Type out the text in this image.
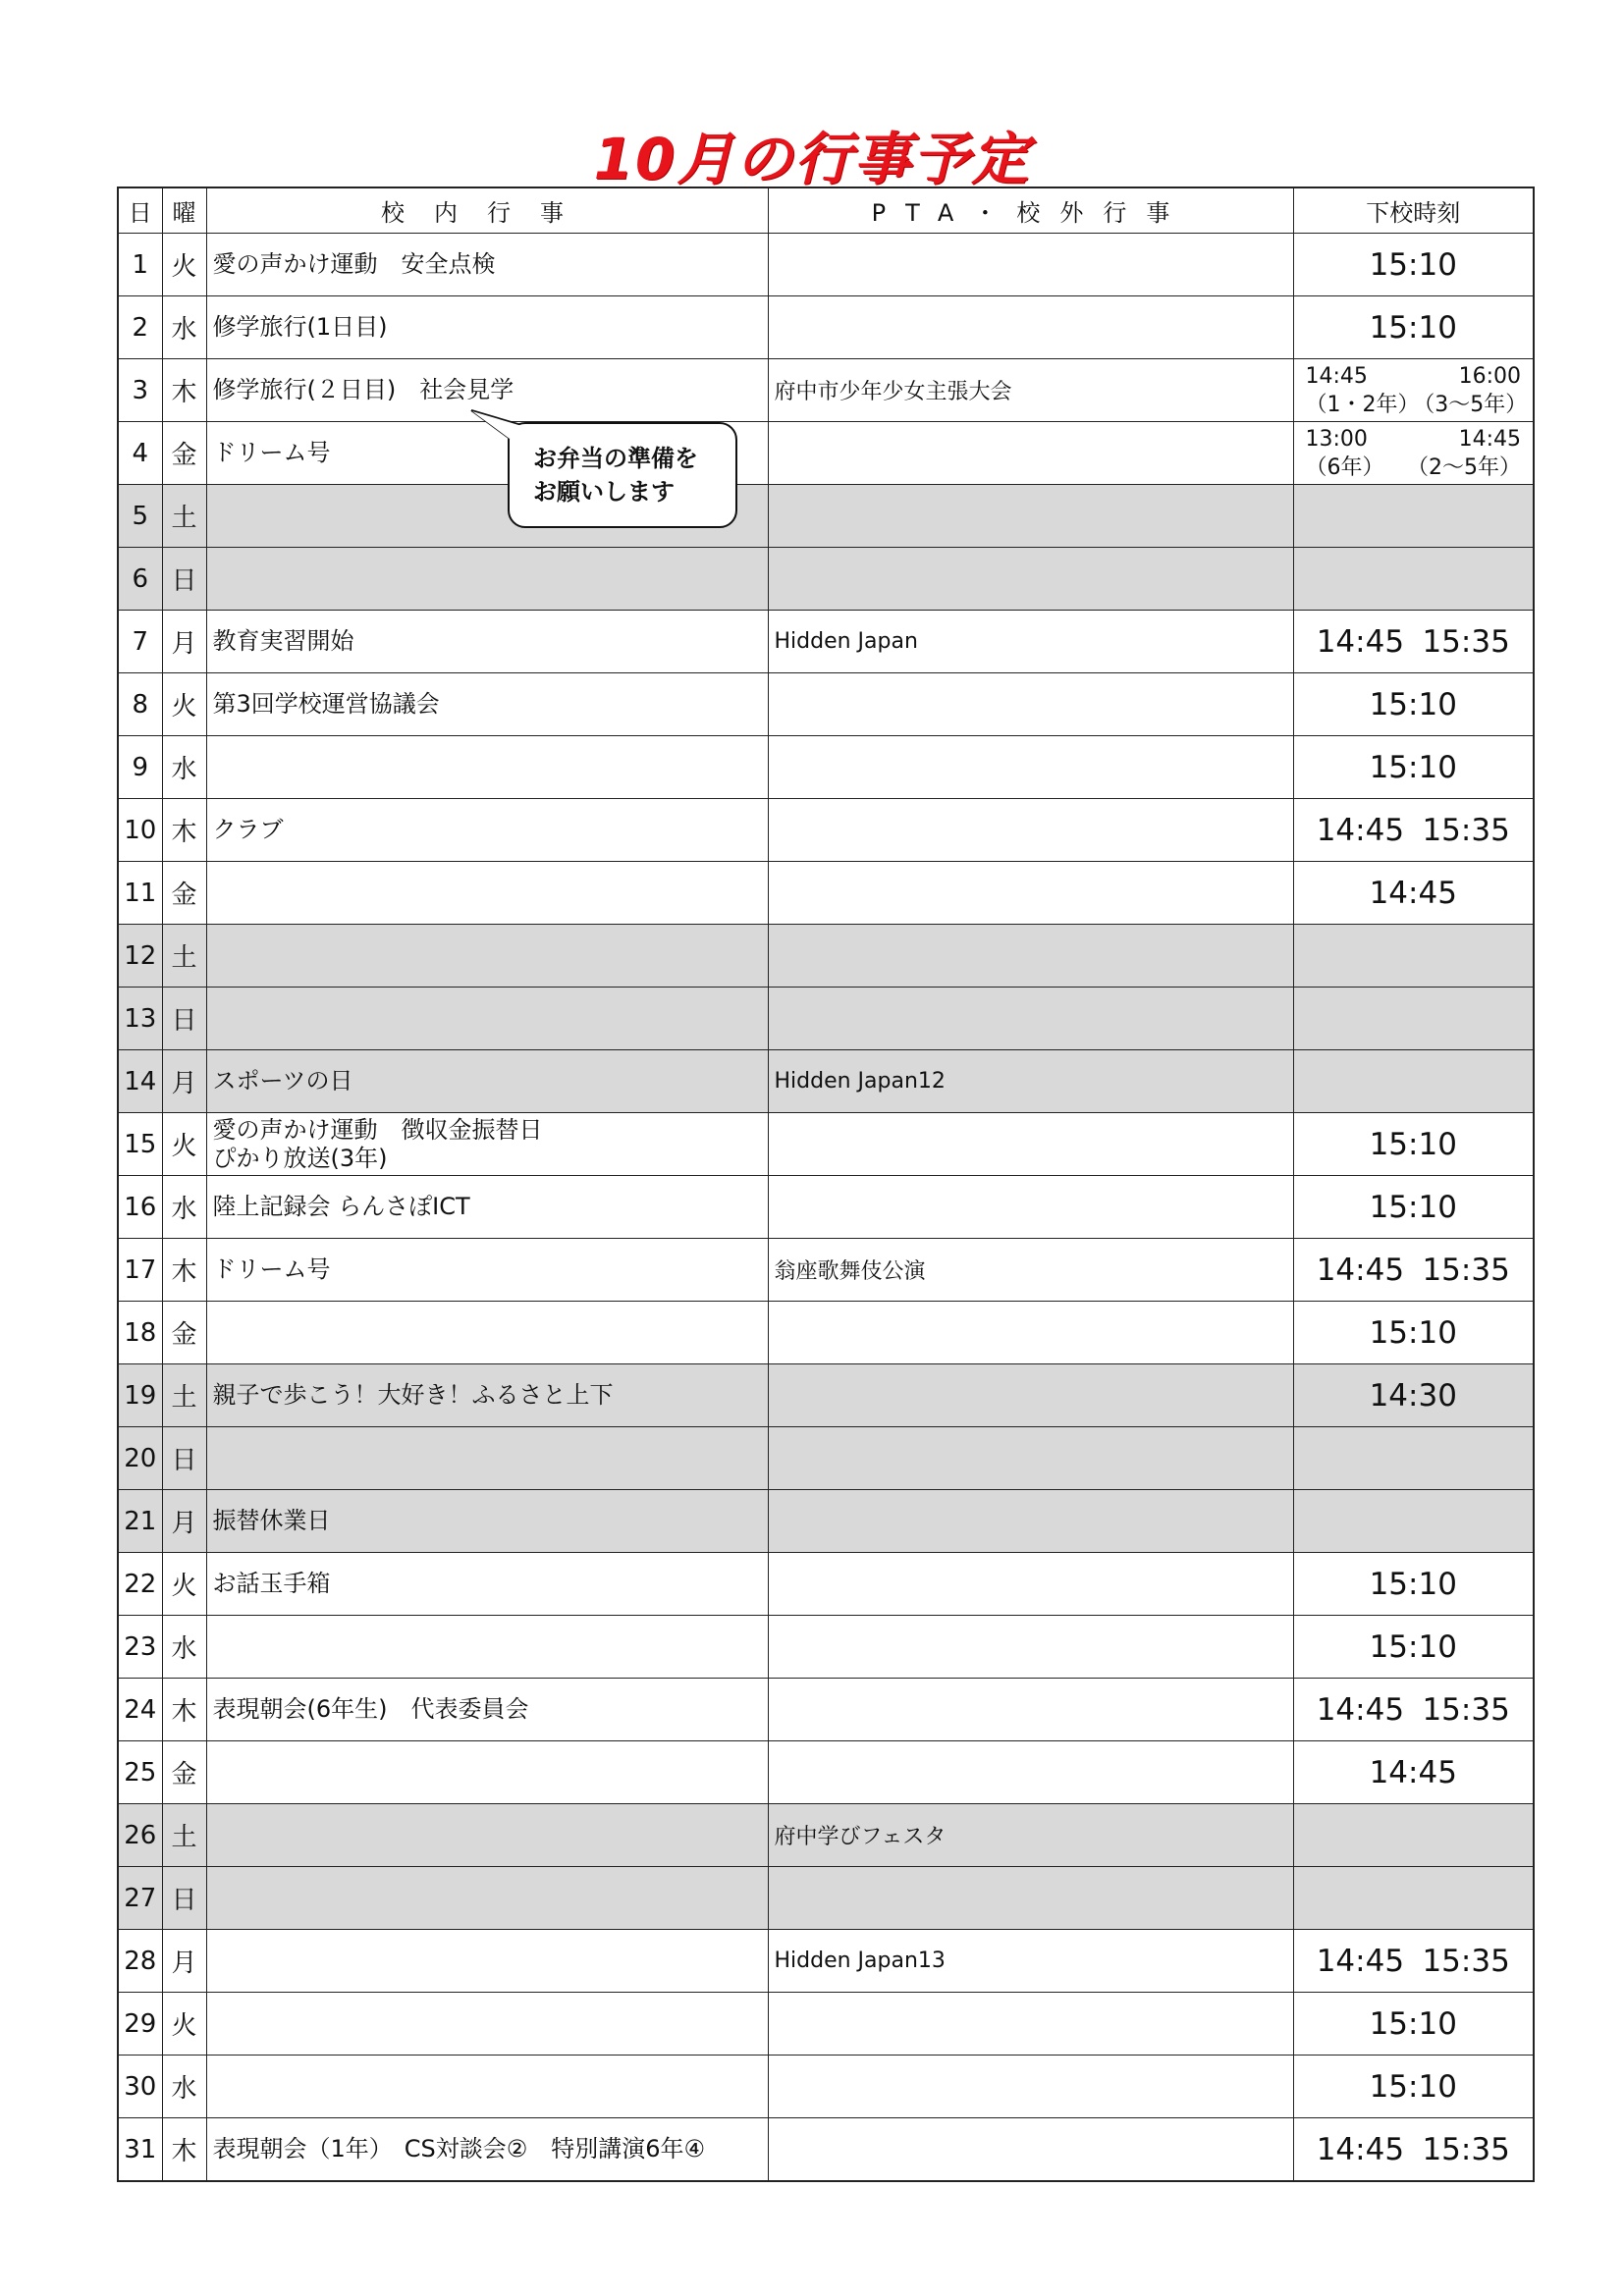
10月の行事予定
日	曜	校内行事	PTA・校外行事	下校時刻

1	火	愛の声かけ運動　安全点検		15:10

2	水	修学旅行(1日目)		15:10

3	木	修学旅行(２日目)　社会見学	府中市少年少女主張大会	14:45 16:00
（1・2年）
（3～5年）

4	金	ドリーム号		13:00 14:45
（6年） （2～5年）

5	土			

6	日			

7	月	教育実習開始	Hidden Japan	14:45 15:35

8	火	第3回学校運営協議会		15:10

9	水			15:10

10	木	クラブ		14:45 15:35

11	金			14:45

12	土			

13	日			

14	月	スポーツの日	Hidden Japan12	

15	火	愛の声かけ運動　徴収金振替日
ぴかり放送(3年)		15:10

16	水	陸上記録会 らんさぽICT		15:10

17	木	ドリーム号	翁座歌舞伎公演	14:45 15:35

18	金			15:10

19	土	親子で歩こう！大好き！ふるさと上下		14:30

20	日			

21	月	振替休業日		

22	火	お話玉手箱		15:10

23	水			15:10

24	木	表現朝会(6年生)　代表委員会		14:45 15:35

25	金			14:45

26	土		府中学びフェスタ	

27	日			

28	月		Hidden Japan13	14:45 15:35

29	火			15:10

30	水			15:10

31	木	表現朝会（1年）　CS対談会②　特別講演6年④		14:45 15:35
お弁当の準備を
お願いします
